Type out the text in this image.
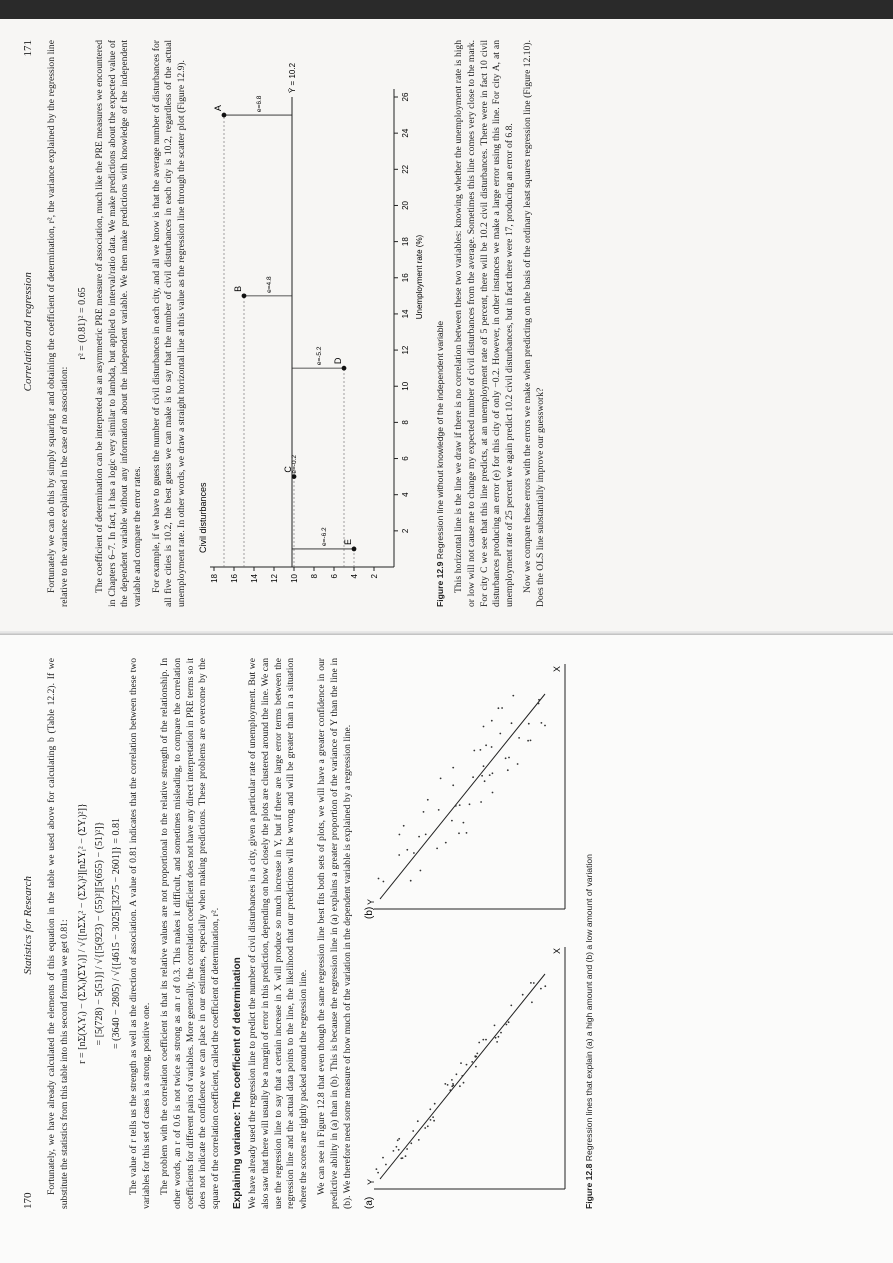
170
Statistics for Research Fortunately, we have already calculated the elements of this equation in the table we used above for calculating b (Table 12.2). If we substitute the statistics from this table into this second formula we get 0.81: r = [nΣ(XᵢYᵢ) − (ΣXᵢ)(ΣYᵢ)] / √{[nΣXᵢ² − (ΣXᵢ)²][nΣYᵢ² − (ΣYᵢ)²]} = [5(728) − 5(51)] / √{[5(923) − (55)²][5(655) − (51)²]} = (3640 − 2805) / √{[4615 − 3025][3275 − 2601]} = 0.81 The value of r tells us the strength as well as the direction of association. A value of 0.81 indicates that the correlation between these two variables for this set of cases is a strong, positive one. The problem with the correlation coefficient is that its relative values are not proportional to the relative strength of the relationship. In other words, an r of 0.6 is not twice as strong as an r of 0.3. This makes it difficult, and sometimes misleading, to compare the correlation coefficients for different pairs of variables. More generally, the correlation coefficient does not have any direct interpretation in PRE terms so it does not indicate the confidence we can place in our estimates, especially when making predictions. These problems are overcome by the square of the correlation coefficient, called the coefficient of determination, r². Explaining variance: The coefficient of determination We have already used the regression line to predict the number of civil disturbances in a city, given a particular rate of unemployment. But we also saw that there will usually be a margin of error in this prediction, depending on how closely the plots are clustered around the line. We can use the regression line to say that a certain increase in X will produce so much increase in Y, but if there are large error terms between the regression line and the actual data points to the line, the likelihood that our predictions will be wrong and will be greater than in a situation where the scores are tightly packed around the regression line. We can see in Figure 12.8 that even though the same regression line best fits both sets of plots, we will have a greater confidence in our predictive ability in (a) than in (b). This is because the regression line in (a) explains a greater proportion of the variance of Y than the line in (b). We therefore need some measure of how much of the variation in the dependent variable is explained by a regression line. (a)
(b)
Y
X
Y
X
Figure 12.8 Regression lines that explain (a) a high amount and (b) a low amount of variation
Correlation and regression
171 Fortunately we can do this by simply squaring r and obtaining the coefficient of determination, r², the variance explained by the regression line relative to the variance explained in the case of no association:

r² = (0.81)² = 0.65 The coefficient of determination can be interpreted as an asymmetric PRE measure of association, much like the PRE measures we encountered in Chapters 6–7. In fact, it has a logic very similar to lambda, but applied to interval/ratio data. We make predictions about the expected value of the dependent variable without any information about the independent variable. We then make predictions with knowledge of the independent variable and compare the error rates. For example, if we have to guess the number of civil disturbances in each city, and all we know is that the average number of disturbances for all five cities is 10.2, the best guess we can make is to say that the number of civil disturbances in each city is 10.2, regardless of the actual unemployment rate. In other words, we draw a straight horizontal line at this value as the regression line through the scatter plot (Figure 12.9). Civil disturbances
2
4
6
8
10
12
14
16
18
2
4
6
8
10
12
14
16
18
20
22
24
26
Ȳ = 10.2
A	e=6.8
B	e=4.8
C
e=-0.2
D
e=-5.2
E
e=-6.2
Unemployment rate (%)
Figure 12.9 Regression line without knowledge of the independent variable This horizontal line is the line we draw if there is no correlation between these two variables: knowing whether the unemployment rate is high or low will not cause me to change my expected number of civil disturbances from the average. Sometimes this line comes very close to the mark. For city C we see that this line predicts, at an unemployment rate of 5 percent, there will be 10.2 civil disturbances. There were in fact 10 civil disturbances producing an error (e) for this city of only −0.2. However, in other instances we make a large error using this line. For city A, at an unemployment rate of 25 percent we again predict 10.2 civil disturbances, but in fact there were 17, producing an error of 6.8. Now we compare these errors with the errors we make when predicting on the basis of the ordinary least squares regression line (Figure 12.10). Does the OLS line substantially improve our guesswork?
